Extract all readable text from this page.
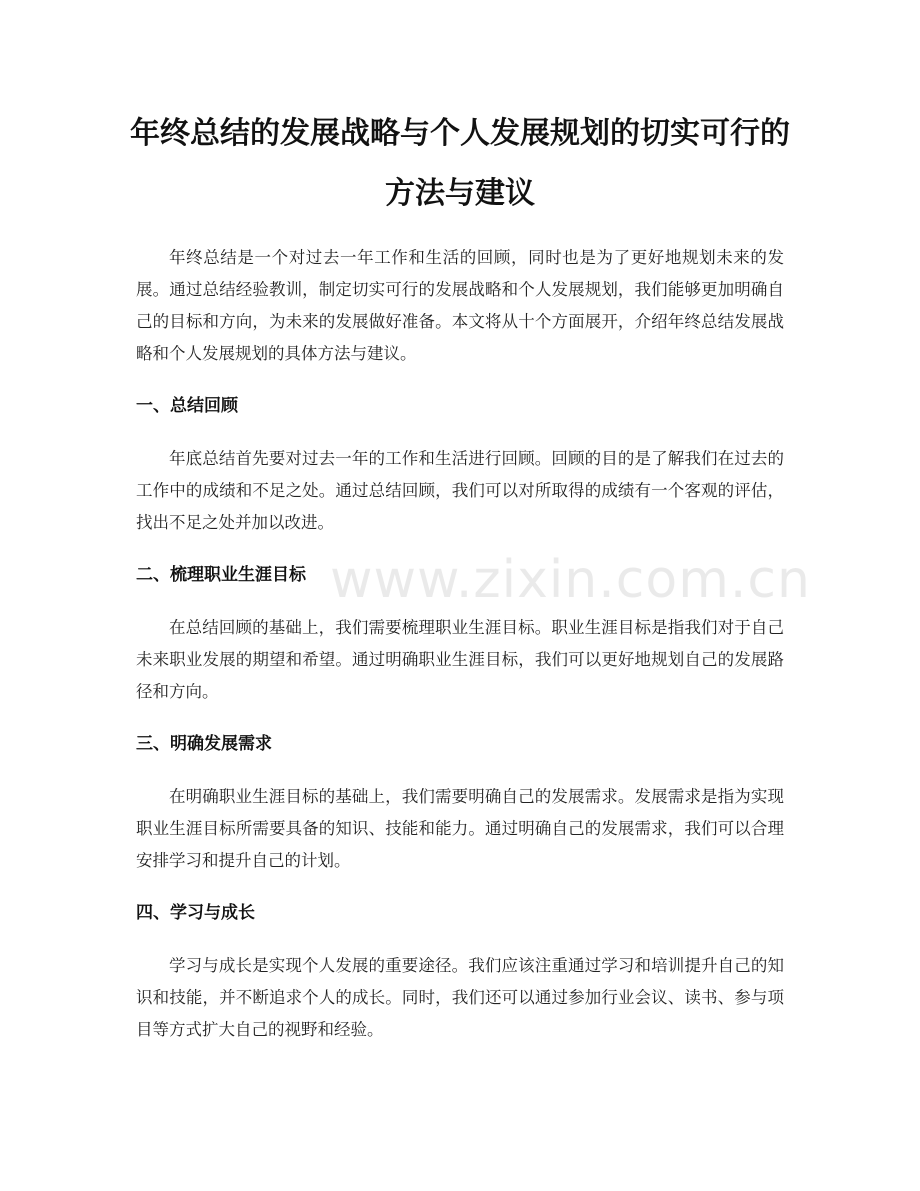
年终总结的发展战略与个人发展规划的切实可行的方法与建议

年终总结是一个对过去一年工作和生活的回顾，同时也是为了更好地规划未来的发展。通过总结经验教训，制定切实可行的发展战略和个人发展规划，我们能够更加明确自己的目标和方向，为未来的发展做好准备。本文将从十个方面展开，介绍年终总结发展战略和个人发展规划的具体方法与建议。

一、总结回顾

年底总结首先要对过去一年的工作和生活进行回顾。回顾的目的是了解我们在过去的工作中的成绩和不足之处。通过总结回顾，我们可以对所取得的成绩有一个客观的评估，找出不足之处并加以改进。

二、梳理职业生涯目标

在总结回顾的基础上，我们需要梳理职业生涯目标。职业生涯目标是指我们对于自己未来职业发展的期望和希望。通过明确职业生涯目标，我们可以更好地规划自己的发展路径和方向。

三、明确发展需求

在明确职业生涯目标的基础上，我们需要明确自己的发展需求。发展需求是指为实现职业生涯目标所需要具备的知识、技能和能力。通过明确自己的发展需求，我们可以合理安排学习和提升自己的计划。

四、学习与成长

学习与成长是实现个人发展的重要途径。我们应该注重通过学习和培训提升自己的知识和技能，并不断追求个人的成长。同时，我们还可以通过参加行业会议、读书、参与项目等方式扩大自己的视野和经验。

www.zixin.com.cn
